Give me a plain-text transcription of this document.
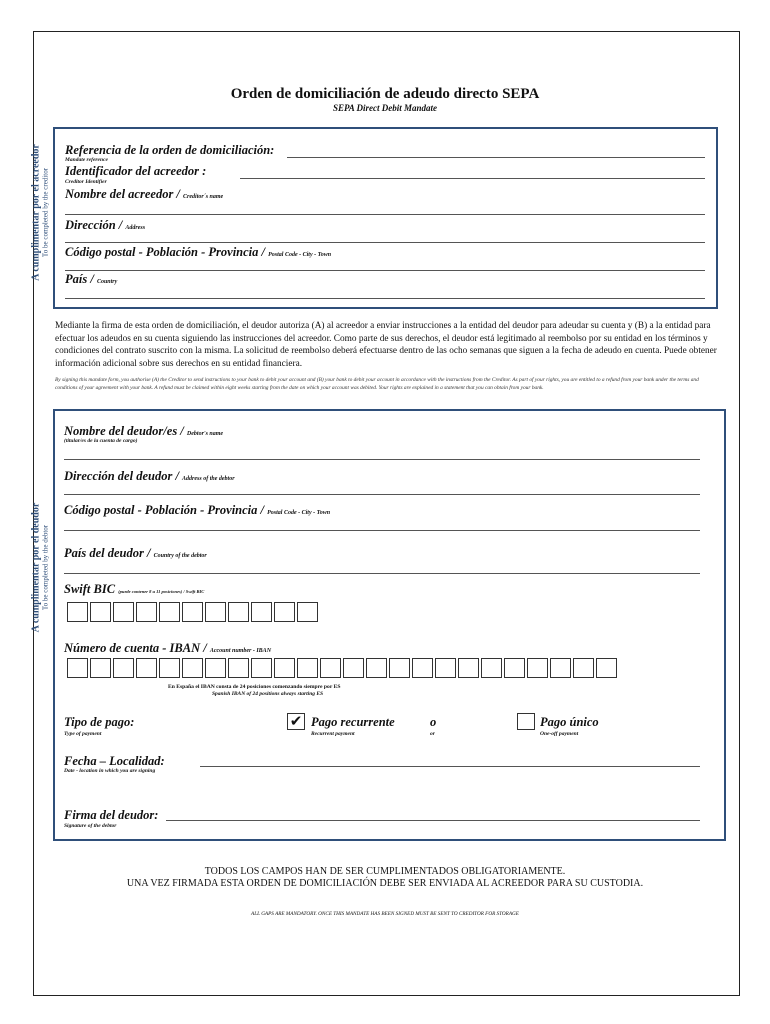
Orden de domiciliación de adeudo directo SEPA
SEPA Direct Debit Mandate
A cumplimentar por el acreedor To be completed by the creditor
Referencia de la orden de domiciliación:
Mandate reference
Identificador del acreedor :
Creditor Identifier
Nombre del acreedor / Creditor´s name
Dirección / Address
Código postal - Población - Provincia / Postal Code - City - Town
País / Country
Mediante la firma de esta orden de domiciliación, el deudor autoriza (A) al acreedor a enviar instrucciones a la entidad del deudor para adeudar su cuenta y (B) a la entidad para efectuar los adeudos en su cuenta siguiendo las instrucciones del acreedor. Como parte de sus derechos, el deudor está legitimado al reembolso por su entidad en los términos y condiciones del contrato suscrito con la misma. La solicitud de reembolso deberá efectuarse dentro de las ocho semanas que siguen a la fecha de adeudo en cuenta. Puede obtener información adicional sobre sus derechos en su entidad financiera.
By signing this mandate form, you authorise (A) the Creditor to send instructions to your bank to debit your account and (B) your bank to debit your account in accordance with the instructions from the Creditor. As part of your rights, you are entitled to a refund from your bank under the terms and conditions of your agreement with your bank. A refund must be claimed within eight weeks starting from the date on which your account was debited. Your rights are explained in a statement that you can obtain from your bank.
A cumplimentar por el deudor To be completed by the debtor
Nombre del deudor/es / Debtor's name
(titular/es de la cuenta de cargo)
Dirección del deudor / Address of the debtor
Código postal - Población - Provincia / Postal Code - City - Town
País del deudor / Country of the debtor
Swift BIC (puede contener 8 u 11 posiciones) / Swift BIC
Número de cuenta - IBAN / Account number - IBAN
En España el IBAN consta de 24 posiciones comenzando siempre por ES
Spanish IBAN of 24 positions always starting ES
Tipo de pago:
Type of payment
✔ Pago recurrente
Recurrent payment
o
or
Pago único
One-off payment
Fecha – Localidad:
Date - location in which you are signing
Firma del deudor:
Signature of the debtor
TODOS LOS CAMPOS HAN DE SER CUMPLIMENTADOS OBLIGATORIAMENTE.
UNA VEZ FIRMADA ESTA ORDEN DE DOMICILIACIÓN DEBE SER ENVIADA AL ACREEDOR PARA SU CUSTODIA.
ALL GAPS ARE MANDATORY. ONCE THIS MANDATE HAS BEEN SIGNED MUST BE SENT TO CREDITOR FOR STORAGE
